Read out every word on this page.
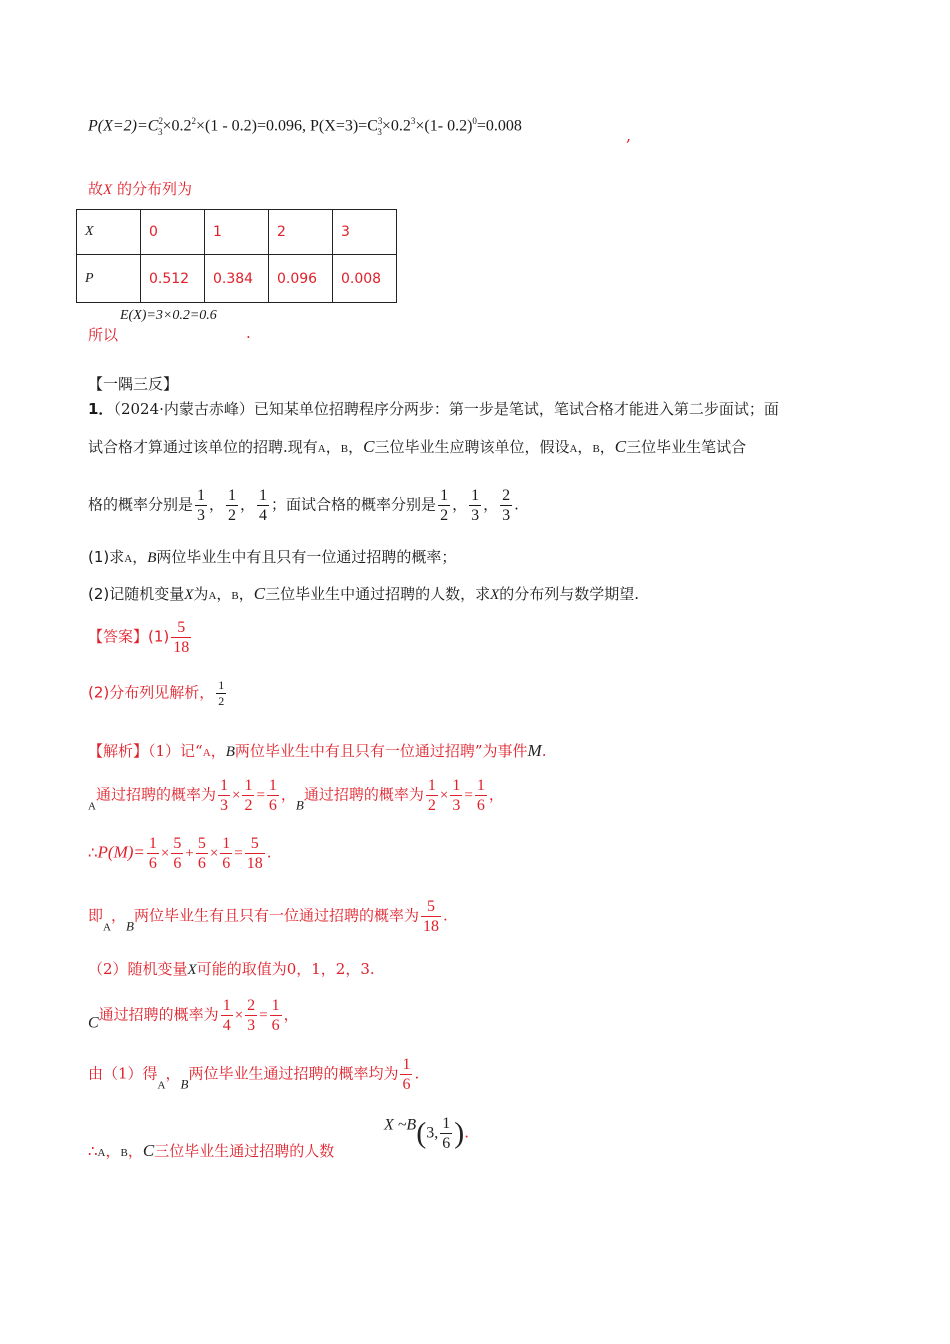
$P(X=2)=C^2_3\times 0.2^2\times(1 - 0.2)=0.096$, $P(X=3)=C^3_3\times 0.2^3\times(1-$ 0.2)$^0$=0.008
,
故X 的分布列为
X	0	1	2	3
P	0.512	0.384	0.096	0.008
E(X)=3×0.2=0.6
所以	.
【一隅三反】
1．（2024·内蒙古赤峰）已知某单位招聘程序分两步：第一步是笔试，笔试合格才能进入第二步面试；面
试合格才算通过该单位的招聘.现有A，B，C三位毕业生应聘该单位，假设A，B，C三位毕业生笔试合
格的概率分别是 $\frac{1}{3}$ ， $\frac{1}{2}$ ， $\frac{1}{4}$ ；面试合格的概率分别是 $\frac{1}{2}$ ， $\frac{1}{3}$ ， $\frac{2}{3}$ .
(1)求A，B两位毕业生中有且只有一位通过招聘的概率；
(2)记随机变量X为A，B，C三位毕业生中通过招聘的人数，求X的分布列与数学期望.
【答案】$(1) \frac{5}{18}$
(2)分布列见解析， $\frac{1}{2}$
【解析】（1）记“A，B两位毕业生中有且只有一位通过招聘”为事件M.
$_A$通过招聘的概率为 $\frac{1}{3} \times \frac{1}{2} = \frac{1}{6}$ ，B通过招聘的概率为 $\frac{1}{2} \times \frac{1}{3} = \frac{1}{6}$ ，
∴P(M)= $\frac{1}{6} \times \frac{5}{6} + \frac{5}{6} \times \frac{1}{6} = \frac{5}{18}$ .
即$_A$，B两位毕业生有且只有一位通过招聘的概率为 $\frac{5}{18}$ .
（2）随机变量X可能的取值为0，1，2，3.
C通过招聘的概率为 $\frac{1}{4} \times \frac{2}{3} = \frac{1}{6}$ ，
由（1）得$_A$，B两位毕业生通过招聘的概率均为 $\frac{1}{6}$ .
∴A，B，C三位毕业生通过招聘的人数
X ~B(3, $\frac{1}{6}$ ).
